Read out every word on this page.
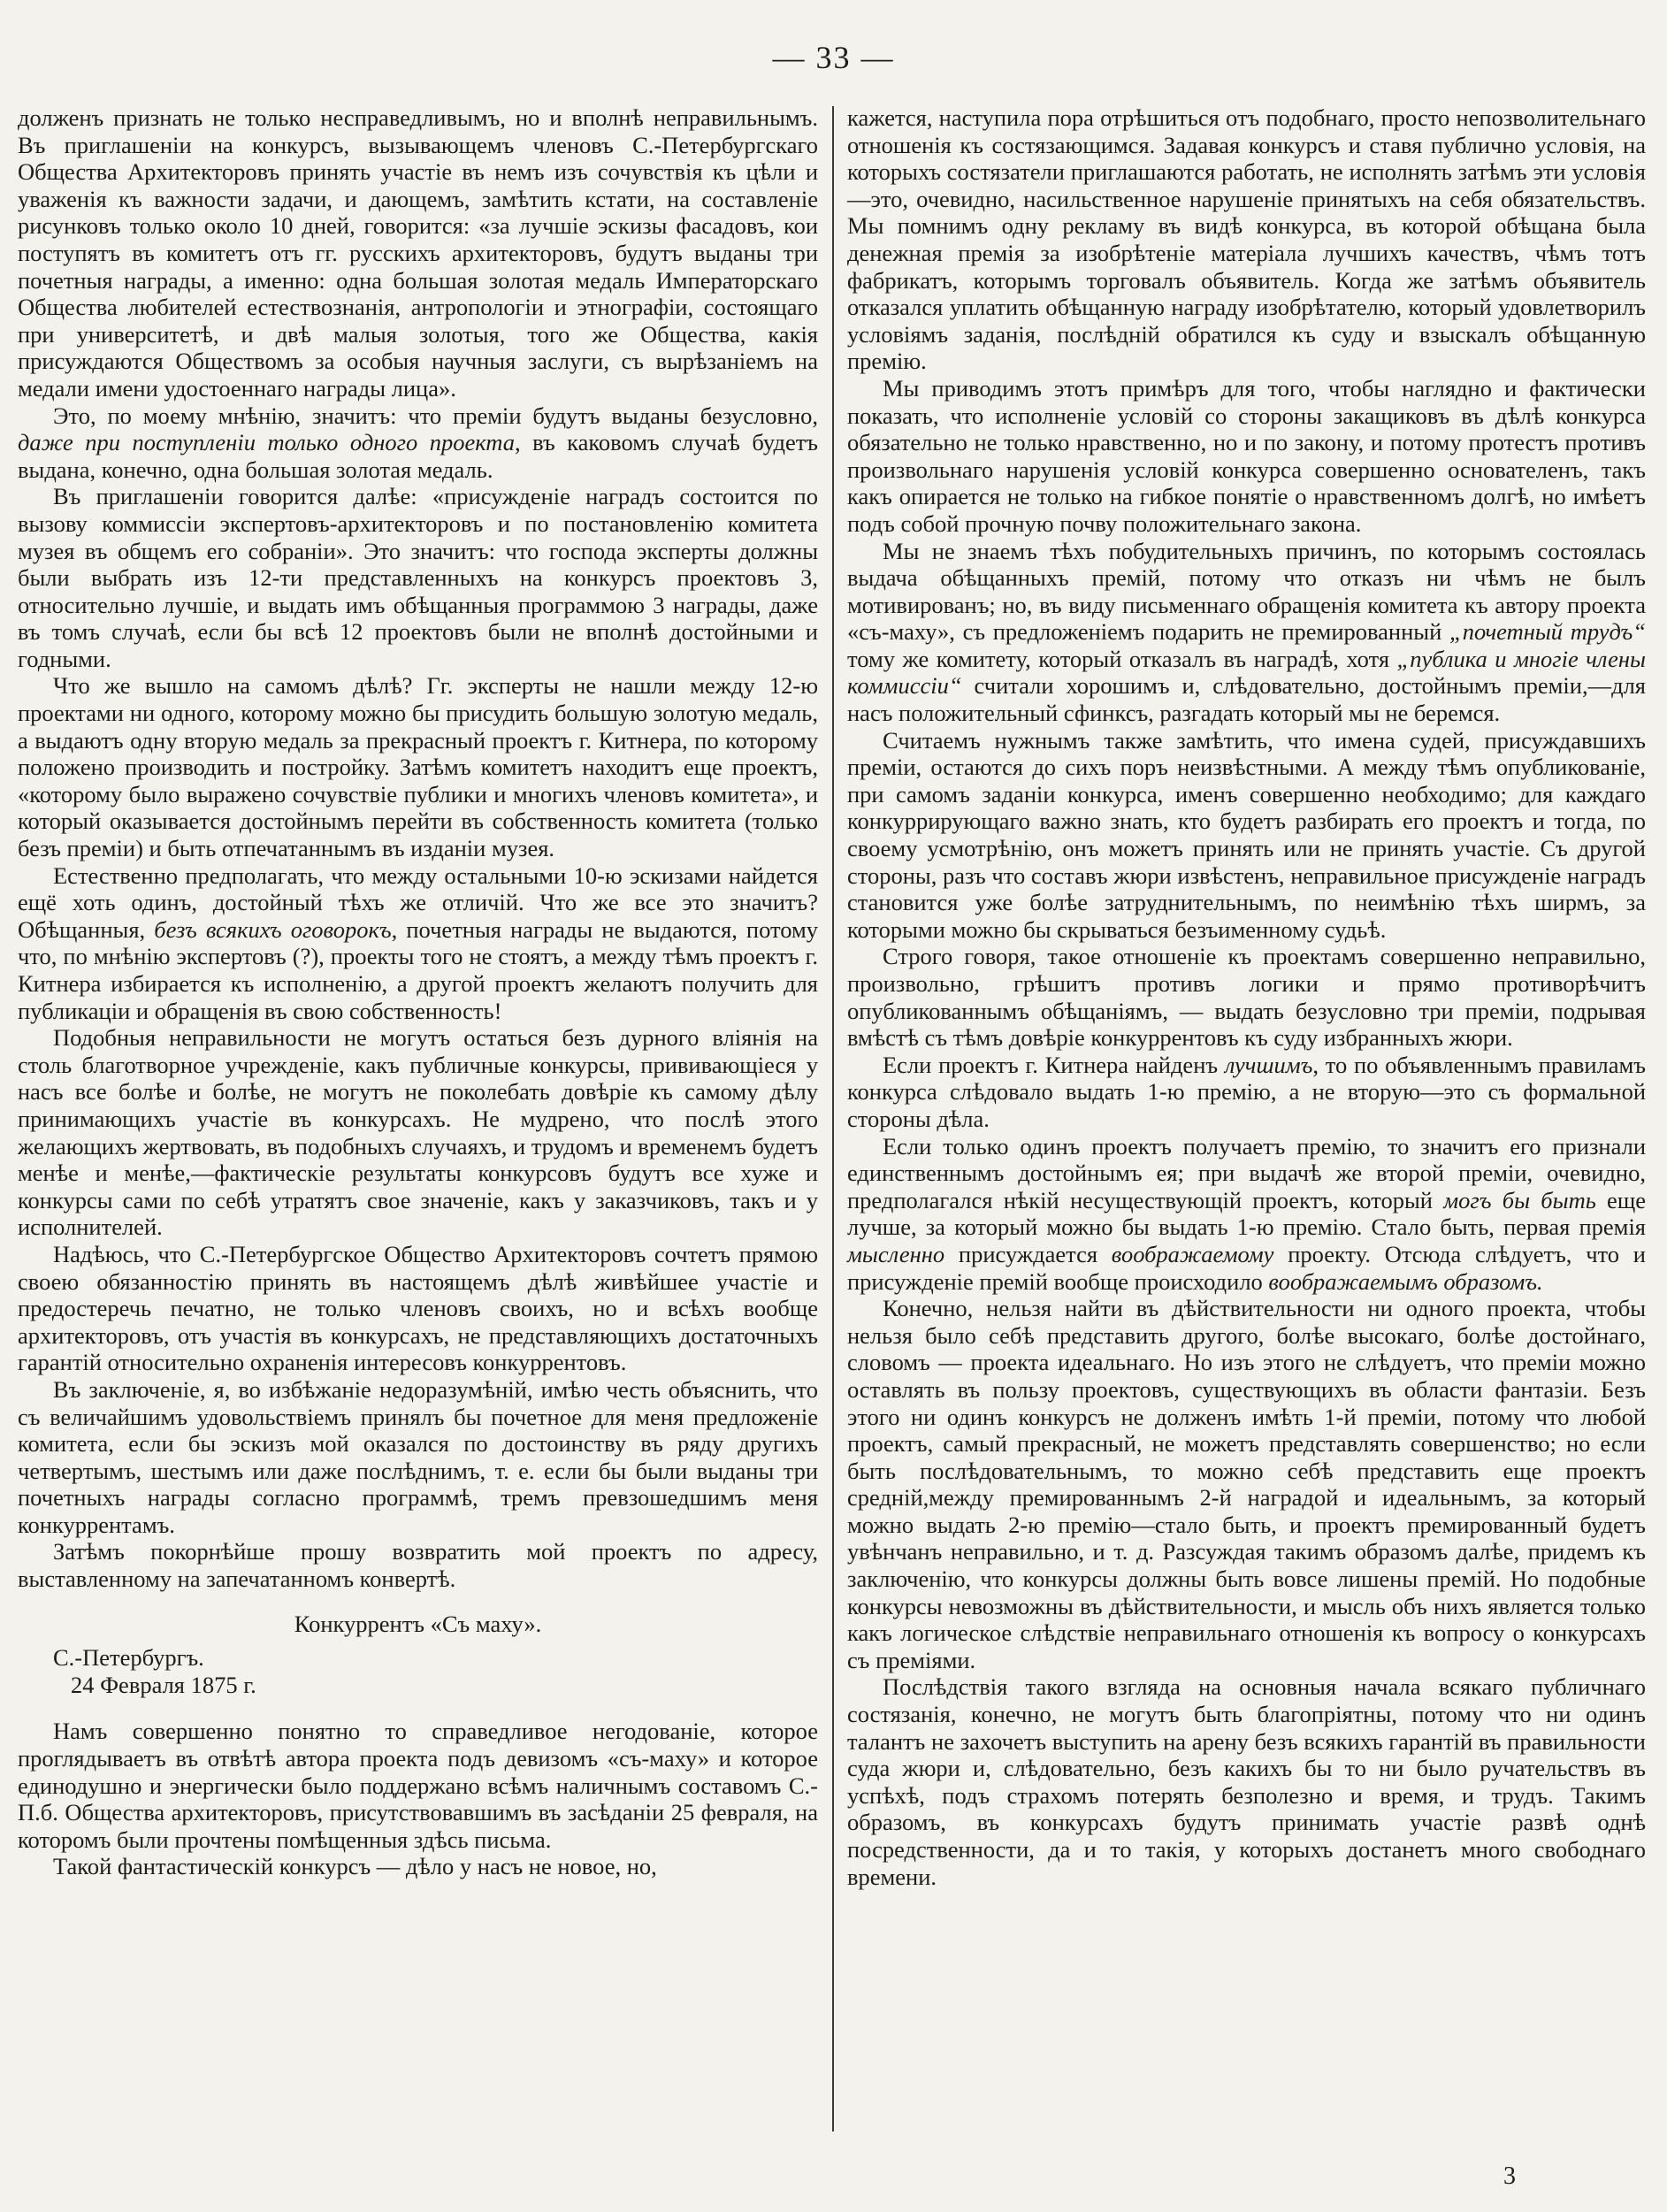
— 33 —

долженъ признать не только несправедливымъ, но и вполнѣ неправильнымъ. Въ приглашеніи на конкурсъ, вызывающемъ членовъ С.-Петербургскаго Общества Архитекторовъ принять участіе въ немъ изъ сочувствія къ цѣли и уваженія къ важности задачи, и дающемъ, замѣтить кстати, на составленіе рисунковъ только около 10 дней, говорится: «за лучшіе эскизы фасадовъ, кои поступятъ въ комитетъ отъ гг. русскихъ архитекторовъ, будутъ выданы три почетныя награды, а именно: одна большая золотая медаль Императорскаго Общества любителей естествознанія, антропологіи и этнографіи, состоящаго при университетѣ, и двѣ малыя золотыя, того же Общества, какія присуждаются Обществомъ за особыя научныя заслуги, съ вырѣзаніемъ на медали имени удостоеннаго награды лица».

Это, по моему мнѣнію, значитъ: что преміи будутъ выданы безусловно, даже при поступленіи только одного проекта, въ каковомъ случаѣ будетъ выдана, конечно, одна большая золотая медаль.

Въ приглашеніи говорится далѣе: «присужденіе наградъ состоится по вызову коммиссіи экспертовъ-архитекторовъ и по постановленію комитета музея въ общемъ его собраніи». Это значитъ: что господа эксперты должны были выбрать изъ 12-ти представленныхъ на конкурсъ проектовъ 3, относительно лучшіе, и выдать имъ обѣщанныя программою 3 награды, даже въ томъ случаѣ, если бы всѣ 12 проектовъ были не вполнѣ достойными и годными.

Что же вышло на самомъ дѣлѣ? Гг. эксперты не нашли между 12-ю проектами ни одного, которому можно бы присудить большую золотую медаль, а выдаютъ одну вторую медаль за прекрасный проектъ г. Китнера, по которому положено производить и постройку. Затѣмъ комитетъ находитъ еще проектъ, «которому было выражено сочувствіе публики и многихъ членовъ комитета», и который оказывается достойнымъ перейти въ собственность комитета (только безъ преміи) и быть отпечатаннымъ въ изданіи музея.

Естественно предполагать, что между остальными 10-ю эскизами найдется ещё хоть одинъ, достойный тѣхъ же отличій. Что же все это значитъ? Обѣщанныя, безъ всякихъ оговорокъ, почетныя награды не выдаются, потому что, по мнѣнію экспертовъ (?), проекты того не стоятъ, а между тѣмъ проектъ г. Китнера избирается къ исполненію, а другой проектъ желаютъ получить для публикаціи и обращенія въ свою собственность!

Подобныя неправильности не могутъ остаться безъ дурного вліянія на столь благотворное учрежденіе, какъ публичные конкурсы, прививающіеся у насъ все болѣе и болѣе, не могутъ не поколебать довѣріе къ самому дѣлу принимающихъ участіе въ конкурсахъ. Не мудрено, что послѣ этого желающихъ жертвовать, въ подобныхъ случаяхъ, и трудомъ и временемъ будетъ менѣе и менѣе,—фактическіе результаты конкурсовъ будутъ все хуже и конкурсы сами по себѣ утратятъ свое значеніе, какъ у заказчиковъ, такъ и у исполнителей.

Надѣюсь, что С.-Петербургское Общество Архитекторовъ сочтетъ прямою своею обязанностію принять въ настоящемъ дѣлѣ живѣйшее участіе и предостеречь печатно, не только членовъ своихъ, но и всѣхъ вообще архитекторовъ, отъ участія въ конкурсахъ, не представляющихъ достаточныхъ гарантій относительно охраненія интересовъ конкуррентовъ.

Въ заключеніе, я, во избѣжаніе недоразумѣній, имѣю честь объяснить, что съ величайшимъ удовольствіемъ принялъ бы почетное для меня предложеніе комитета, если бы эскизъ мой оказался по достоинству въ ряду другихъ четвертымъ, шестымъ или даже послѣднимъ, т. е. если бы были выданы три почетныхъ награды согласно программѣ, тремъ превзошедшимъ меня конкуррентамъ.

Затѣмъ покорнѣйше прошу возвратить мой проектъ по адресу, выставленному на запечатанномъ конвертѣ.

Конкуррентъ «Съ маху».

С.-Петербургъ.

24 Февраля 1875 г.

Намъ совершенно понятно то справедливое негодованіе, которое проглядываетъ въ отвѣтѣ автора проекта подъ девизомъ «съ-маху» и которое единодушно и энергически было поддержано всѣмъ наличнымъ составомъ С.-П.б. Общества архитекторовъ, присутствовавшимъ въ засѣданіи 25 февраля, на которомъ были прочтены помѣщенныя здѣсь письма.

Такой фантастическій конкурсъ — дѣло у насъ не новое, но,

кажется, наступила пора отрѣшиться отъ подобнаго, просто непозволительнаго отношенія къ состязающимся. Задавая конкурсъ и ставя публично условія, на которыхъ состязатели приглашаются работать, не исполнять затѣмъ эти условія—это, очевидно, насильственное нарушеніе принятыхъ на себя обязательствъ. Мы помнимъ одну рекламу въ видѣ конкурса, въ которой обѣщана была денежная премія за изобрѣтеніе матеріала лучшихъ качествъ, чѣмъ тотъ фабрикатъ, которымъ торговалъ объявитель. Когда же затѣмъ объявитель отказался уплатить обѣщанную награду изобрѣтателю, который удовлетворилъ условіямъ заданія, послѣдній обратился къ суду и взыскалъ обѣщанную премію.

Мы приводимъ этотъ примѣръ для того, чтобы наглядно и фактически показать, что исполненіе условій со стороны закащиковъ въ дѣлѣ конкурса обязательно не только нравственно, но и по закону, и потому протестъ противъ произвольнаго нарушенія условій конкурса совершенно основателенъ, такъ какъ опирается не только на гибкое понятіе о нравственномъ долгѣ, но имѣетъ подъ собой прочную почву положительнаго закона.

Мы не знаемъ тѣхъ побудительныхъ причинъ, по которымъ состоялась выдача обѣщанныхъ премій, потому что отказъ ни чѣмъ не былъ мотивированъ; но, въ виду письменнаго обращенія комитета къ автору проекта «съ-маху», съ предложеніемъ подарить не премированный „почетный трудъ“ тому же комитету, который отказалъ въ наградѣ, хотя „публика и многіе члены коммиссіи“ считали хорошимъ и, слѣдовательно, достойнымъ преміи,—для насъ положительный сфинксъ, разгадать который мы не беремся.

Считаемъ нужнымъ также замѣтить, что имена судей, присуждавшихъ преміи, остаются до сихъ поръ неизвѣстными. А между тѣмъ опубликованіе, при самомъ заданіи конкурса, именъ совершенно необходимо; для каждаго конкуррирующаго важно знать, кто будетъ разбирать его проектъ и тогда, по своему усмотрѣнію, онъ можетъ принять или не принять участіе. Съ другой стороны, разъ что составъ жюри извѣстенъ, неправильное присужденіе наградъ становится уже болѣе затруднительнымъ, по неимѣнію тѣхъ ширмъ, за которыми можно бы скрываться безъименному судьѣ.

Строго говоря, такое отношеніе къ проектамъ совершенно неправильно, произвольно, грѣшитъ противъ логики и прямо противорѣчитъ опубликованнымъ обѣщаніямъ, — выдать безусловно три преміи, подрывая вмѣстѣ съ тѣмъ довѣріе конкуррентовъ къ суду избранныхъ жюри.

Если проектъ г. Китнера найденъ лучшимъ, то по объявленнымъ правиламъ конкурса слѣдовало выдать 1-ю премію, а не вторую—это съ формальной стороны дѣла.

Если только одинъ проектъ получаетъ премію, то значитъ его признали единственнымъ достойнымъ ея; при выдачѣ же второй преміи, очевидно, предполагался нѣкій несуществующій проектъ, который могъ бы быть еще лучше, за который можно бы выдать 1-ю премію. Стало быть, первая премія мысленно присуждается воображаемому проекту. Отсюда слѣдуетъ, что и присужденіе премій вообще происходило воображаемымъ образомъ.

Конечно, нельзя найти въ дѣйствительности ни одного проекта, чтобы нельзя было себѣ представить другого, болѣе высокаго, болѣе достойнаго, словомъ — проекта идеальнаго. Но изъ этого не слѣдуетъ, что преміи можно оставлять въ пользу проектовъ, существующихъ въ области фантазіи. Безъ этого ни одинъ конкурсъ не долженъ имѣть 1-й преміи, потому что любой проектъ, самый прекрасный, не можетъ представлять совершенство; но если быть послѣдовательнымъ, то можно себѣ представить еще проектъ средній,между премированнымъ 2-й наградой и идеальнымъ, за который можно выдать 2-ю премію—стало быть, и проектъ премированный будетъ увѣнчанъ неправильно, и т. д. Разсуждая такимъ образомъ далѣе, придемъ къ заключенію, что конкурсы должны быть вовсе лишены премій. Но подобные конкурсы невозможны въ дѣйствительности, и мысль объ нихъ является только какъ логическое слѣдствіе неправильнаго отношенія къ вопросу о конкурсахъ съ преміями.

Послѣдствія такого взгляда на основныя начала всякаго публичнаго состязанія, конечно, не могутъ быть благопріятны, потому что ни одинъ талантъ не захочетъ выступить на арену безъ всякихъ гарантій въ правильности суда жюри и, слѣдовательно, безъ какихъ бы то ни было ручательствъ въ успѣхѣ, подъ страхомъ потерять безполезно и время, и трудъ. Такимъ образомъ, въ конкурсахъ будутъ принимать участіе развѣ однѣ посредственности, да и то такія, у которыхъ достанетъ много свободнаго времени.

3
